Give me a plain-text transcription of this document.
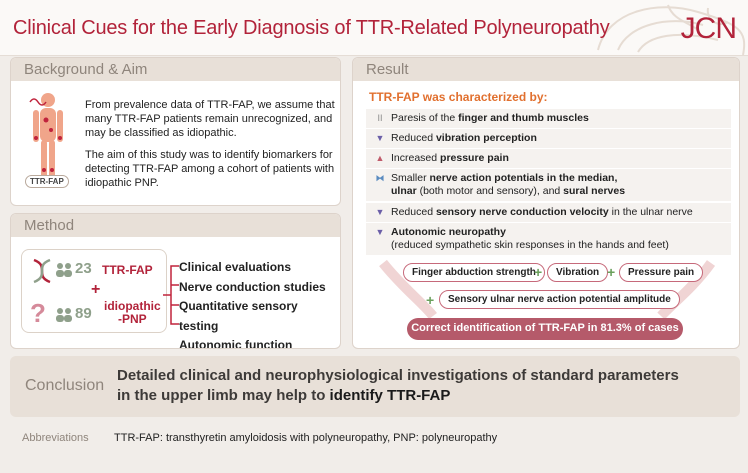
Clinical Cues for the Early Diagnosis of TTR-Related Polyneuropathy JCN
Background & Aim
TTR-FAP

From prevalence data of TTR-FAP, we assume that many TTR-FAP patients remain unrecognized, and may be classified as idiopathic.

The aim of this study was to identify biomarkers for detecting TTR-FAP among a cohort of patients with idiopathic PNP.

Method
23 TTR-FAP
+
? 89 idiopathic
-PNP
Clinical evaluations
Nerve conduction studies
Quantitative sensory testing
Autonomic function
Result
TTR-FAP was characterized by:
II Paresis of the finger and thumb muscles
▼ Reduced vibration perception
▲ Increased pressure pain
⧓ Smaller nerve action potentials in the median,
ulnar (both motor and sensory), and sural nerves
▼ Reduced sensory nerve conduction velocity in the ulnar nerve
▼ Autonomic neuropathy
(reduced sympathetic skin responses in the hands and feet)
Finger abduction strength
+	Vibration +	Pressure pain
+	Sensory ulnar nerve action potential amplitude
Correct identification of TTR-FAP in 81.3% of cases
Conclusion
Detailed clinical and neurophysiological investigations of standard parameters
in the upper limb may help to identify TTR-FAP
Abbreviations TTR-FAP: transthyretin amyloidosis with polyneuropathy, PNP: polyneuropathy
